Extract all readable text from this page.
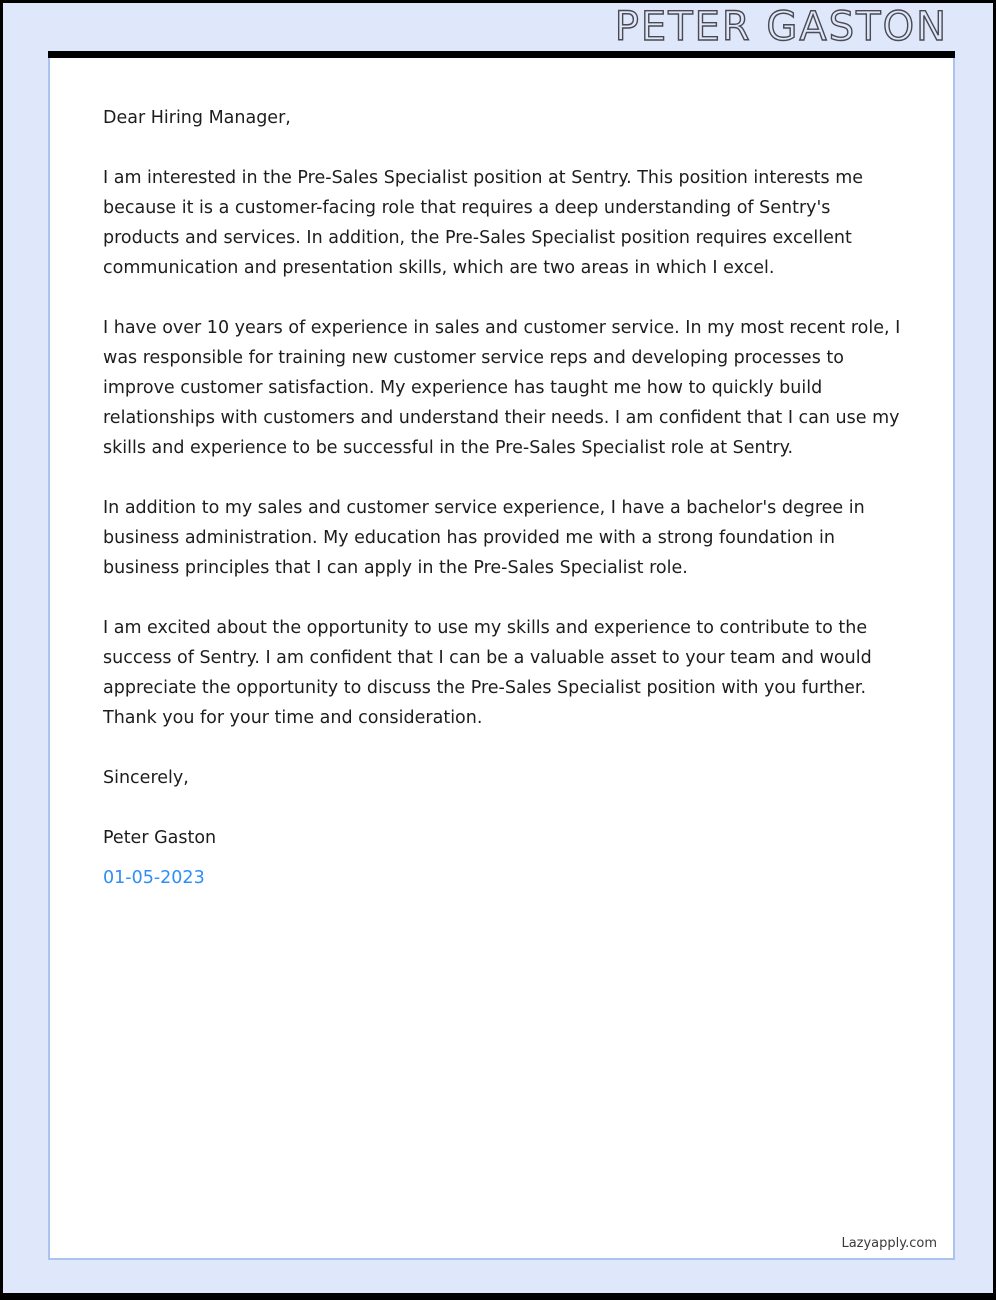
PETER GASTON

Dear Hiring Manager,

I am interested in the Pre-Sales Specialist position at Sentry. This position interests me because it is a customer-facing role that requires a deep understanding of Sentry's products and services. In addition, the Pre-Sales Specialist position requires excellent communication and presentation skills, which are two areas in which I excel.

I have over 10 years of experience in sales and customer service. In my most recent role, I was responsible for training new customer service reps and developing processes to improve customer satisfaction. My experience has taught me how to quickly build relationships with customers and understand their needs. I am confident that I can use my skills and experience to be successful in the Pre-Sales Specialist role at Sentry.

In addition to my sales and customer service experience, I have a bachelor's degree in business administration. My education has provided me with a strong foundation in business principles that I can apply in the Pre-Sales Specialist role.

I am excited about the opportunity to use my skills and experience to contribute to the success of Sentry. I am confident that I can be a valuable asset to your team and would appreciate the opportunity to discuss the Pre-Sales Specialist position with you further. Thank you for your time and consideration.

Sincerely,

Peter Gaston

01-05-2023

Lazyapply.com
